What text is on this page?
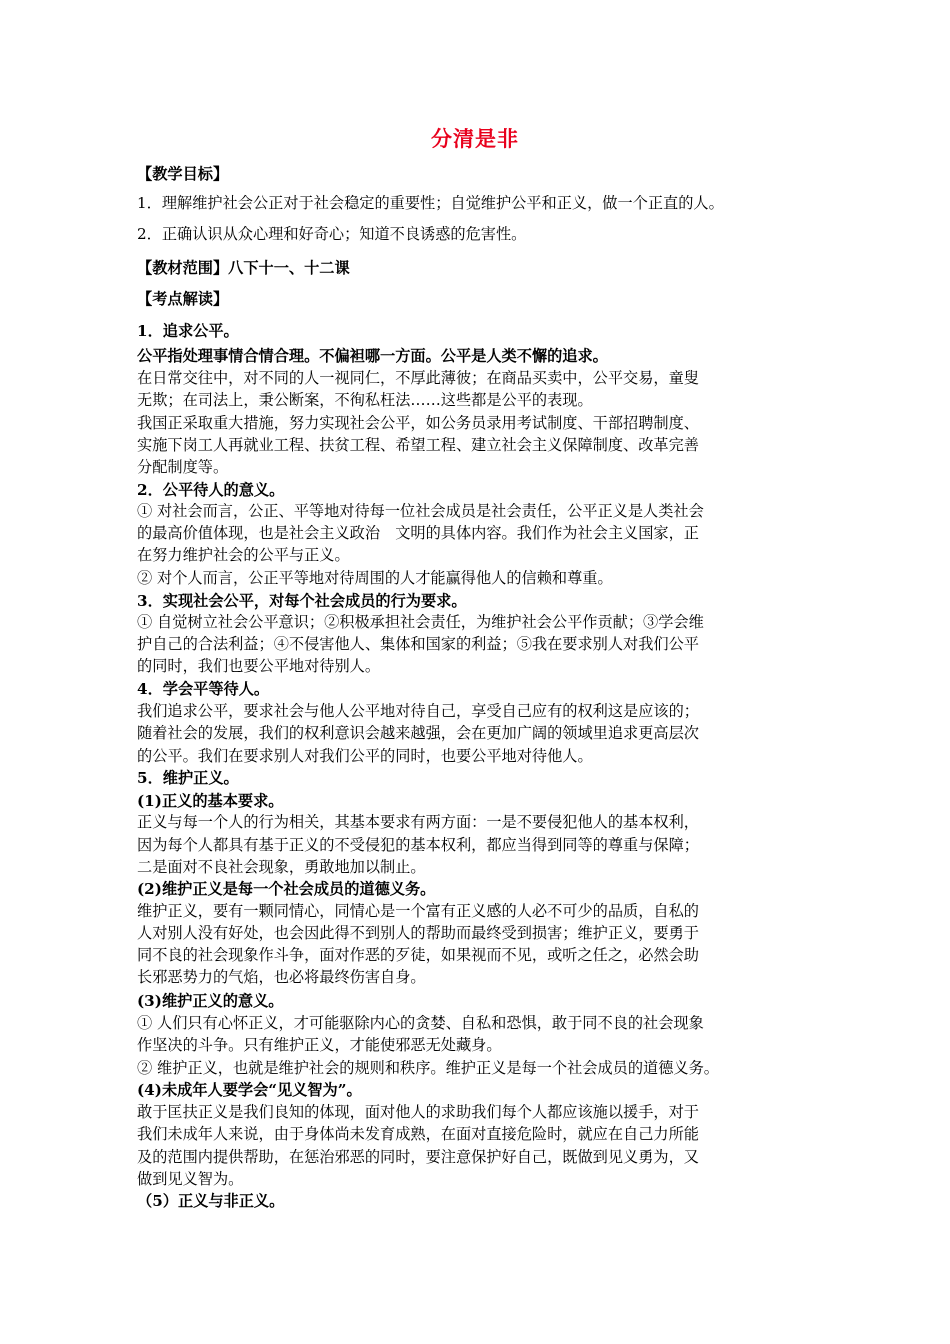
分清是非
【教学目标】
1．理解维护社会公正对于社会稳定的重要性；自觉维护公平和正义，做一个正直的人。
2．正确认识从众心理和好奇心；知道不良诱惑的危害性。
【教材范围】八下十一、十二课
【考点解读】
1．追求公平。
公平指处理事情合情合理。不偏袒哪一方面。公平是人类不懈的追求。
在日常交往中，对不同的人一视同仁，不厚此薄彼；在商品买卖中，公平交易，童叟
无欺；在司法上，秉公断案，不徇私枉法……这些都是公平的表现。
我国正采取重大措施，努力实现社会公平，如公务员录用考试制度、干部招聘制度、
实施下岗工人再就业工程、扶贫工程、希望工程、建立社会主义保障制度、改革完善
分配制度等。
2．公平待人的意义。
① 对社会而言，公正、平等地对待每一位社会成员是社会责任，公平正义是人类社会
的最高价值体现，也是社会主义政治　文明的具体内容。我们作为社会主义国家，正
在努力维护社会的公平与正义。
② 对个人而言，公正平等地对待周围的人才能赢得他人的信赖和尊重。
3．实现社会公平，对每个社会成员的行为要求。
① 自觉树立社会公平意识；②积极承担社会责任，为维护社会公平作贡献；③学会维
护自己的合法利益；④不侵害他人、集体和国家的利益；⑤我在要求别人对我们公平
的同时，我们也要公平地对待别人。
4．学会平等待人。
我们追求公平，要求社会与他人公平地对待自己，享受自己应有的权利这是应该的；
随着社会的发展，我们的权利意识会越来越强，会在更加广阔的领域里追求更高层次
的公平。我们在要求别人对我们公平的同时，也要公平地对待他人。
5．维护正义。
(1)正义的基本要求。
正义与每一个人的行为相关，其基本要求有两方面：一是不要侵犯他人的基本权利，
因为每个人都具有基于正义的不受侵犯的基本权利，都应当得到同等的尊重与保障；
二是面对不良社会现象，勇敢地加以制止。
(2)维护正义是每一个社会成员的道德义务。
维护正义，要有一颗同情心，同情心是一个富有正义感的人必不可少的品质，自私的
人对别人没有好处，也会因此得不到别人的帮助而最终受到损害；维护正义，要勇于
同不良的社会现象作斗争，面对作恶的歹徒，如果视而不见，或听之任之，必然会助
长邪恶势力的气焰，也必将最终伤害自身。
(3)维护正义的意义。
① 人们只有心怀正义，才可能驱除内心的贪婪、自私和恐惧，敢于同不良的社会现象
作坚决的斗争。只有维护正义，才能使邪恶无处藏身。
② 维护正义，也就是维护社会的规则和秩序。维护正义是每一个社会成员的道德义务。
(4)未成年人要学会“见义智为”。
敢于匡扶正义是我们良知的体现，面对他人的求助我们每个人都应该施以援手，对于
我们未成年人来说，由于身体尚未发育成熟，在面对直接危险时，就应在自己力所能
及的范围内提供帮助，在惩治邪恶的同时，要注意保护好自己，既做到见义勇为，又
做到见义智为。
（5）正义与非正义。
